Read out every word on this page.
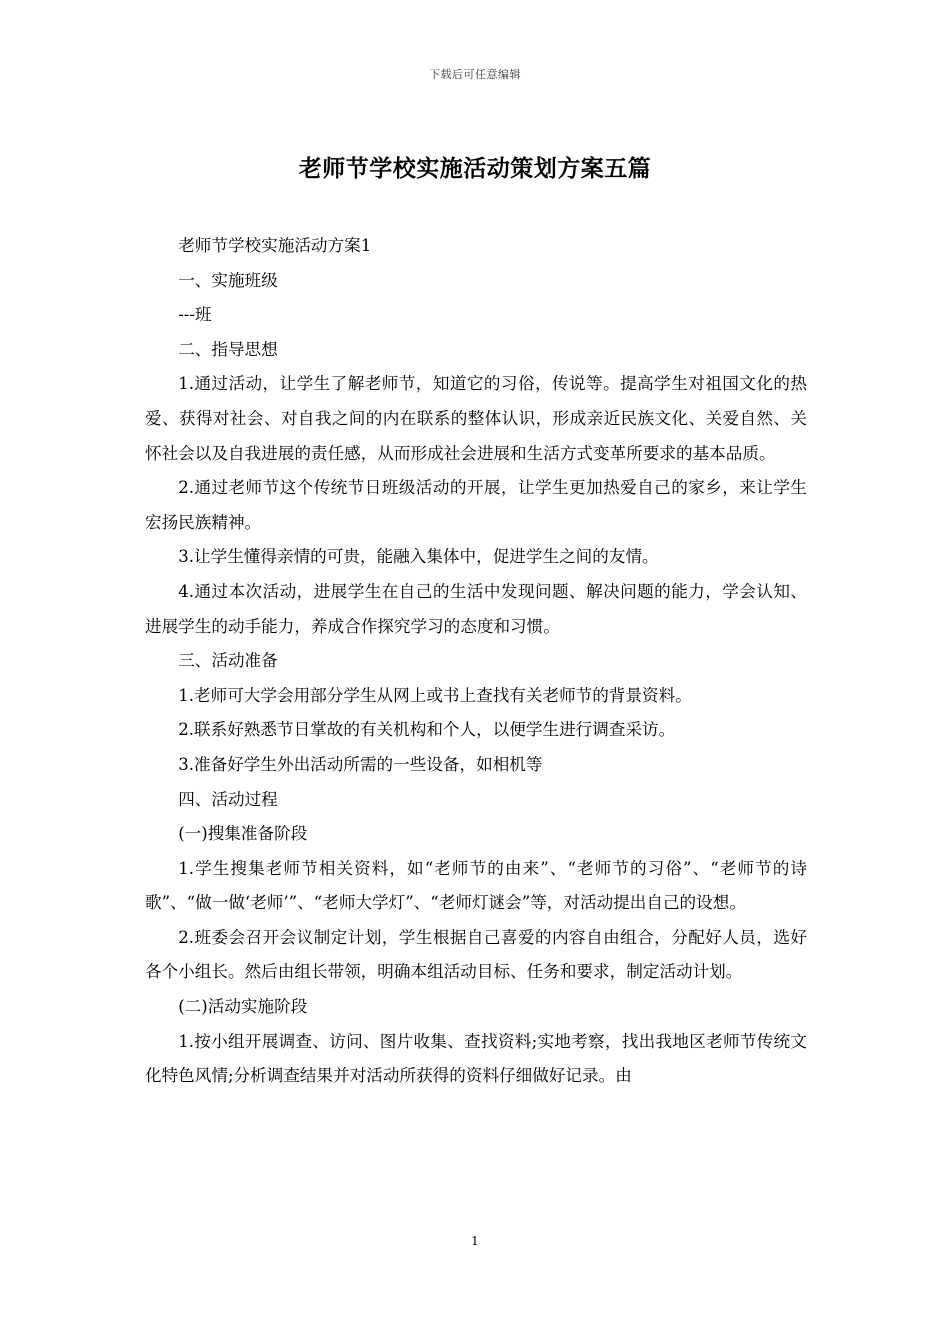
下载后可任意编辑
老师节学校实施活动策划方案五篇

老师节学校实施活动方案1

一、实施班级

---班

二、指导思想

1.通过活动，让学生了解老师节，知道它的习俗，传说等。提高学生对祖国文化的热爱、获得对社会、对自我之间的内在联系的整体认识，形成亲近民族文化、关爱自然、关怀社会以及自我进展的责任感，从而形成社会进展和生活方式变革所要求的基本品质。

2.通过老师节这个传统节日班级活动的开展，让学生更加热爱自己的家乡，来让学生宏扬民族精神。

3.让学生懂得亲情的可贵，能融入集体中，促进学生之间的友情。

4.通过本次活动，进展学生在自己的生活中发现问题、解决问题的能力，学会认知、进展学生的动手能力，养成合作探究学习的态度和习惯。

三、活动准备

1.老师可大学会用部分学生从网上或书上查找有关老师节的背景资料。

2.联系好熟悉节日掌故的有关机构和个人，以便学生进行调查采访。

3.准备好学生外出活动所需的一些设备，如相机等

四、活动过程

(一)搜集准备阶段

1.学生搜集老师节相关资料，如“老师节的由来”、“老师节的习俗”、“老师节的诗歌”、“做一做‘老师’”、“老师大学灯”、“老师灯谜会”等，对活动提出自己的设想。

2.班委会召开会议制定计划，学生根据自己喜爱的内容自由组合，分配好人员，选好各个小组长。然后由组长带领，明确本组活动目标、任务和要求，制定活动计划。

(二)活动实施阶段

1.按小组开展调查、访问、图片收集、查找资料;实地考察，找出我地区老师节传统文化特色风情;分析调查结果并对活动所获得的资料仔细做好记录。由

1
